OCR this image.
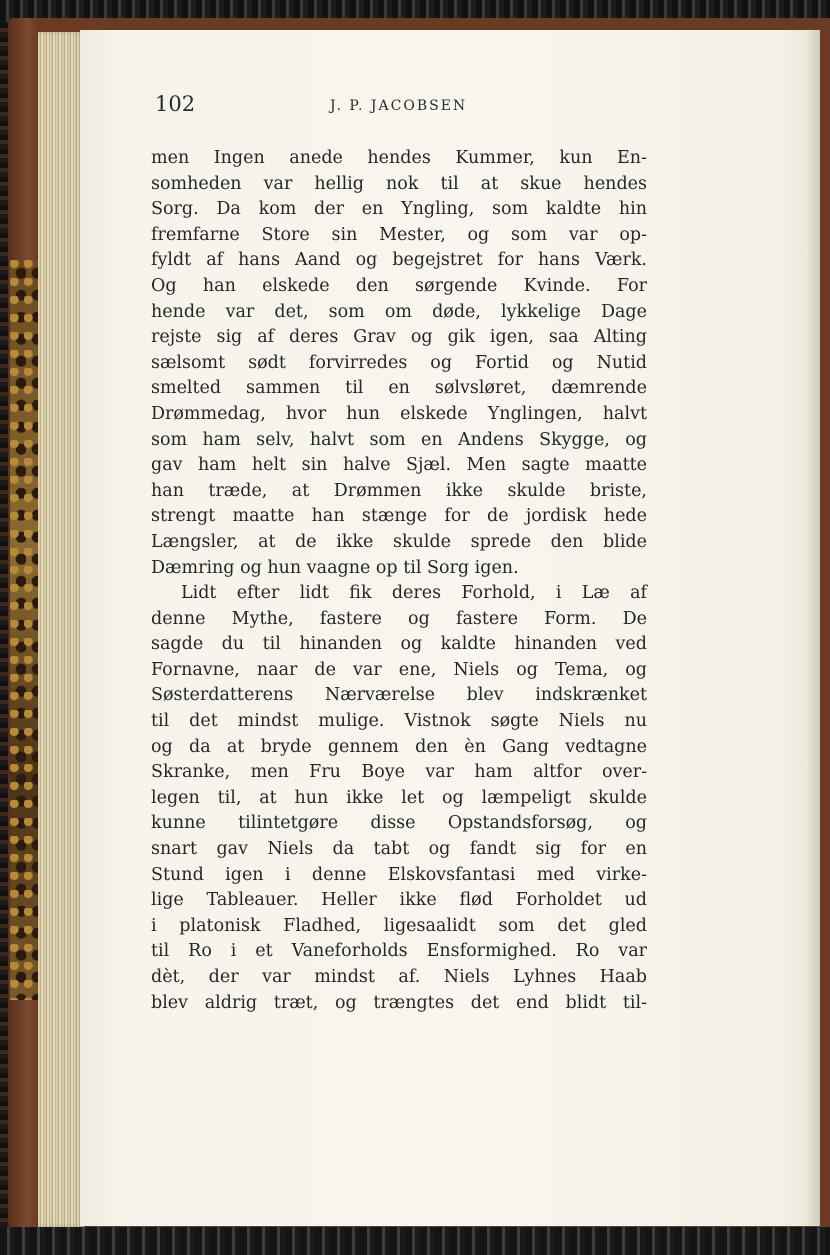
102	J. P. JACOBSEN
men Ingen anede hendes Kummer, kun En-
somheden var hellig nok til at skue hendes
Sorg. Da kom der en Yngling, som kaldte hin
fremfarne Store sin Mester, og som var op-
fyldt af hans Aand og begejstret for hans Værk.
Og han elskede den sørgende Kvinde. For
hende var det, som om døde, lykkelige Dage
rejste sig af deres Grav og gik igen, saa Alting
sælsomt sødt forvirredes og Fortid og Nutid
smelted sammen til en sølvsløret, dæmrende
Drømmedag, hvor hun elskede Ynglingen, halvt
som ham selv, halvt som en Andens Skygge, og
gav ham helt sin halve Sjæl. Men sagte maatte
han træde, at Drømmen ikke skulde briste,
strengt maatte han stænge for de jordisk hede
Længsler, at de ikke skulde sprede den blide
Dæmring og hun vaagne op til Sorg igen.
Lidt efter lidt fik deres Forhold, i Læ af
denne Mythe, fastere og fastere Form. De
sagde du til hinanden og kaldte hinanden ved
Fornavne, naar de var ene, Niels og Tema, og
Søsterdatterens Nærværelse blev indskrænket
til det mindst mulige. Vistnok søgte Niels nu
og da at bryde gennem den èn Gang vedtagne
Skranke, men Fru Boye var ham altfor over-
legen til, at hun ikke let og læmpeligt skulde
kunne tilintetgøre disse Opstandsforsøg, og
snart gav Niels da tabt og fandt sig for en
Stund igen i denne Elskovsfantasi med virke-
lige Tableauer. Heller ikke flød Forholdet ud
i platonisk Fladhed, ligesaalidt som det gled
til Ro i et Vaneforholds Ensformighed. Ro var
dèt, der var mindst af. Niels Lyhnes Haab
blev aldrig træt, og trængtes det end blidt til-
